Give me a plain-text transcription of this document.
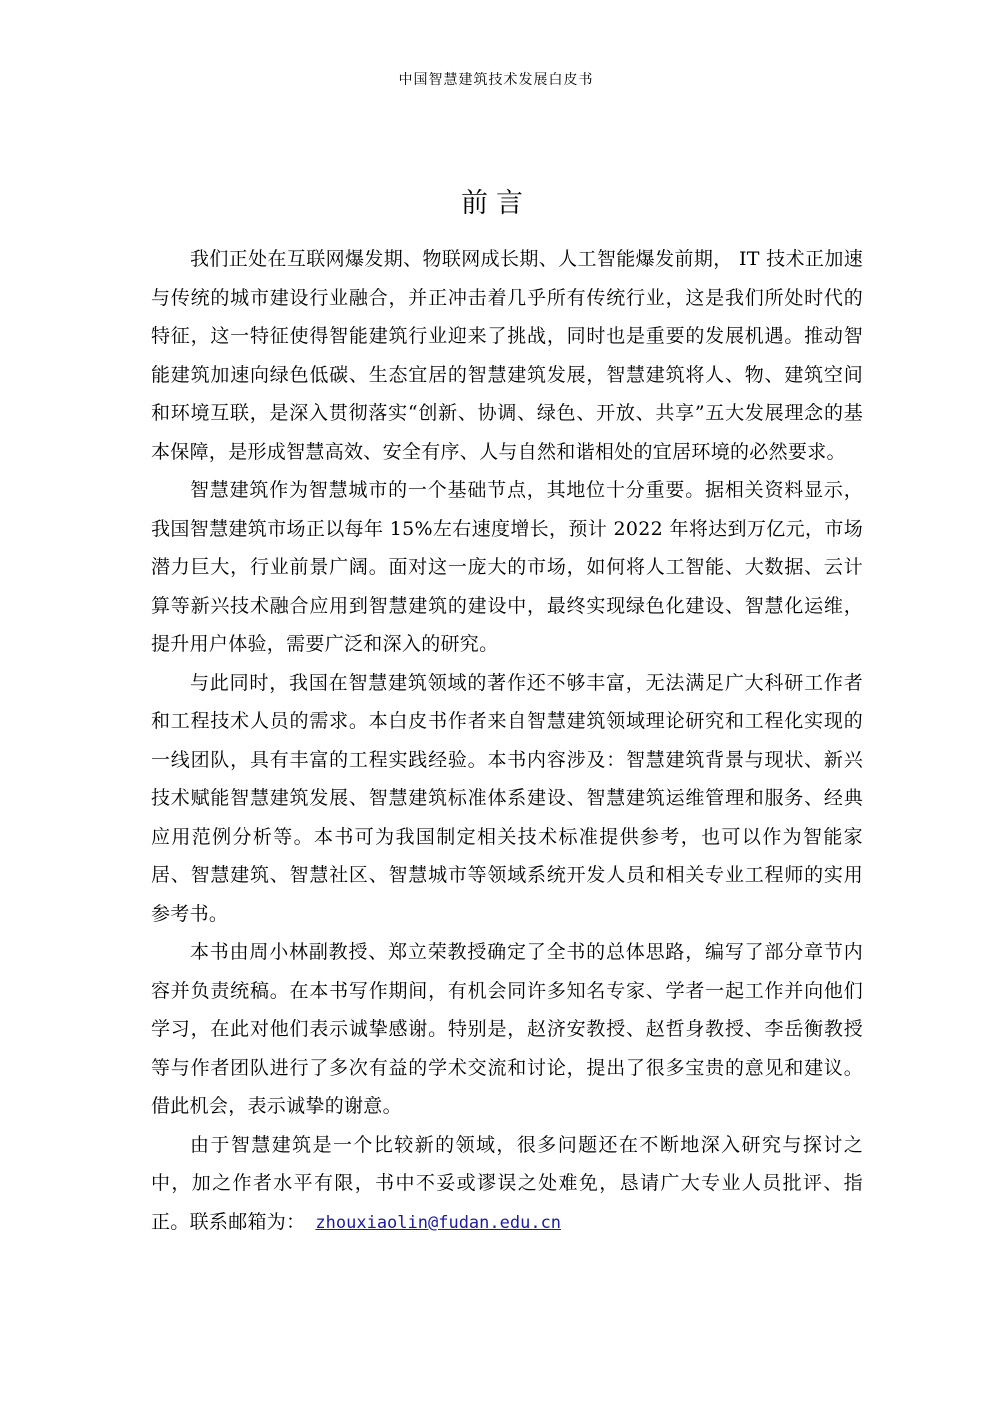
中国智慧建筑技术发展白皮书
前言

我们正处在互联网爆发期、物联网成长期、人工智能爆发前期， IT 技术正加速与传统的城市建设行业融合，并正冲击着几乎所有传统行业，这是我们所处时代的特征，这一特征使得智能建筑行业迎来了挑战，同时也是重要的发展机遇。推动智能建筑加速向绿色低碳、生态宜居的智慧建筑发展，智慧建筑将人、物、建筑空间和环境互联，是深入贯彻落实“创新、协调、绿色、开放、共享”五大发展理念的基本保障，是形成智慧高效、安全有序、人与自然和谐相处的宜居环境的必然要求。

智慧建筑作为智慧城市的一个基础节点，其地位十分重要。据相关资料显示，我国智慧建筑市场正以每年 15%左右速度增长，预计 2022 年将达到万亿元，市场潜力巨大，行业前景广阔。面对这一庞大的市场，如何将人工智能、大数据、云计算等新兴技术融合应用到智慧建筑的建设中，最终实现绿色化建设、智慧化运维，提升用户体验，需要广泛和深入的研究。

与此同时，我国在智慧建筑领域的著作还不够丰富，无法满足广大科研工作者和工程技术人员的需求。本白皮书作者来自智慧建筑领域理论研究和工程化实现的一线团队，具有丰富的工程实践经验。本书内容涉及：智慧建筑背景与现状、新兴技术赋能智慧建筑发展、智慧建筑标准体系建设、智慧建筑运维管理和服务、经典应用范例分析等。本书可为我国制定相关技术标准提供参考，也可以作为智能家居、智慧建筑、智慧社区、智慧城市等领域系统开发人员和相关专业工程师的实用参考书。

本书由周小林副教授、郑立荣教授确定了全书的总体思路，编写了部分章节内容并负责统稿。在本书写作期间，有机会同许多知名专家、学者一起工作并向他们学习，在此对他们表示诚挚感谢。特别是，赵济安教授、赵哲身教授、李岳衡教授等与作者团队进行了多次有益的学术交流和讨论，提出了很多宝贵的意见和建议。借此机会，表示诚挚的谢意。

由于智慧建筑是一个比较新的领域，很多问题还在不断地深入研究与探讨之中，加之作者水平有限，书中不妥或谬误之处难免，恳请广大专业人员批评、指正。联系邮箱为： zhouxiaolin@fudan.edu.cn
